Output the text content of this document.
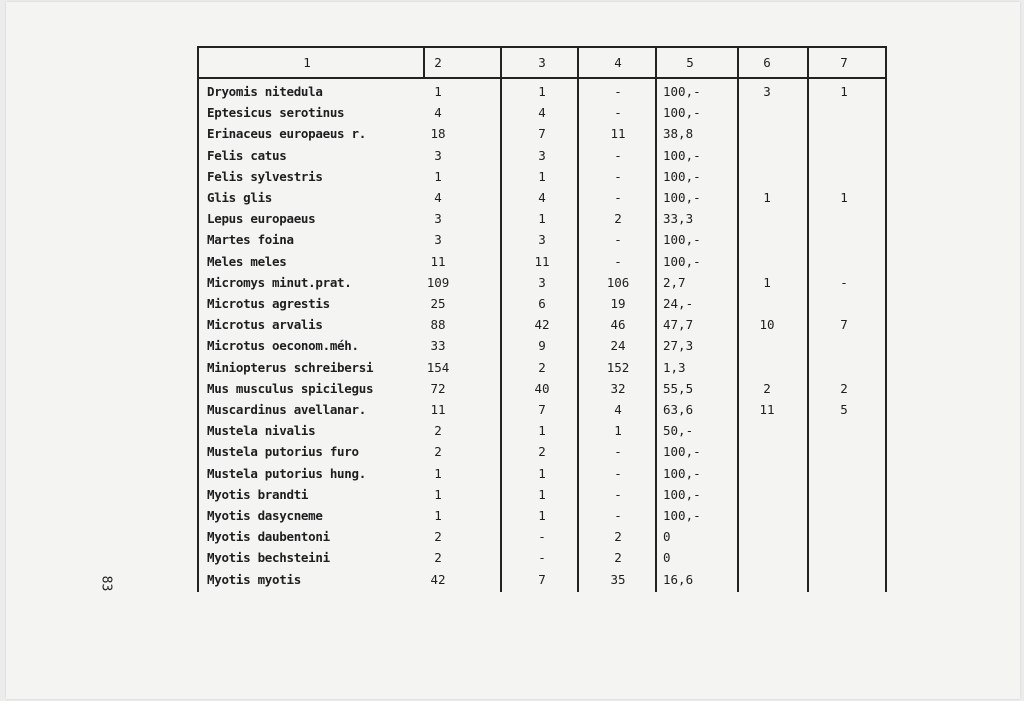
1	2	3	4	5	6	7
Dryomis nitedula	1	1	-	100,-	3	1
Eptesicus serotinus	4	4	-	100,-
Erinaceus europaeus r.	18	7	11	38,8
Felis catus	3	3	-	100,-
Felis sylvestris	1	1	-	100,-
Glis glis	4	4	-	100,-	1	1
Lepus europaeus	3	1	2	33,3
Martes foina	3	3	-	100,-
Meles meles	11	11	-	100,-
Micromys minut.prat.	109	3	106	2,7	1	-
Microtus agrestis	25	6	19	24,-
Microtus arvalis	88	42	46	47,7	10	7
Microtus oeconom.méh.	33	9	24	27,3
Miniopterus schreibersi	154	2	152	1,3
Mus musculus spicilegus	72	40	32	55,5	2	2
Muscardinus avellanar.	11	7	4	63,6	11	5
Mustela nivalis	2	1	1	50,-
Mustela putorius furo	2	2	-	100,-
Mustela putorius hung.	1	1	-	100,-
Myotis brandti	1	1	-	100,-
Myotis dasycneme	1	1	-	100,-
Myotis daubentoni	2	-	2	0
Myotis bechsteini	2	-	2	0
Myotis myotis	42	7	35	16,6
83
